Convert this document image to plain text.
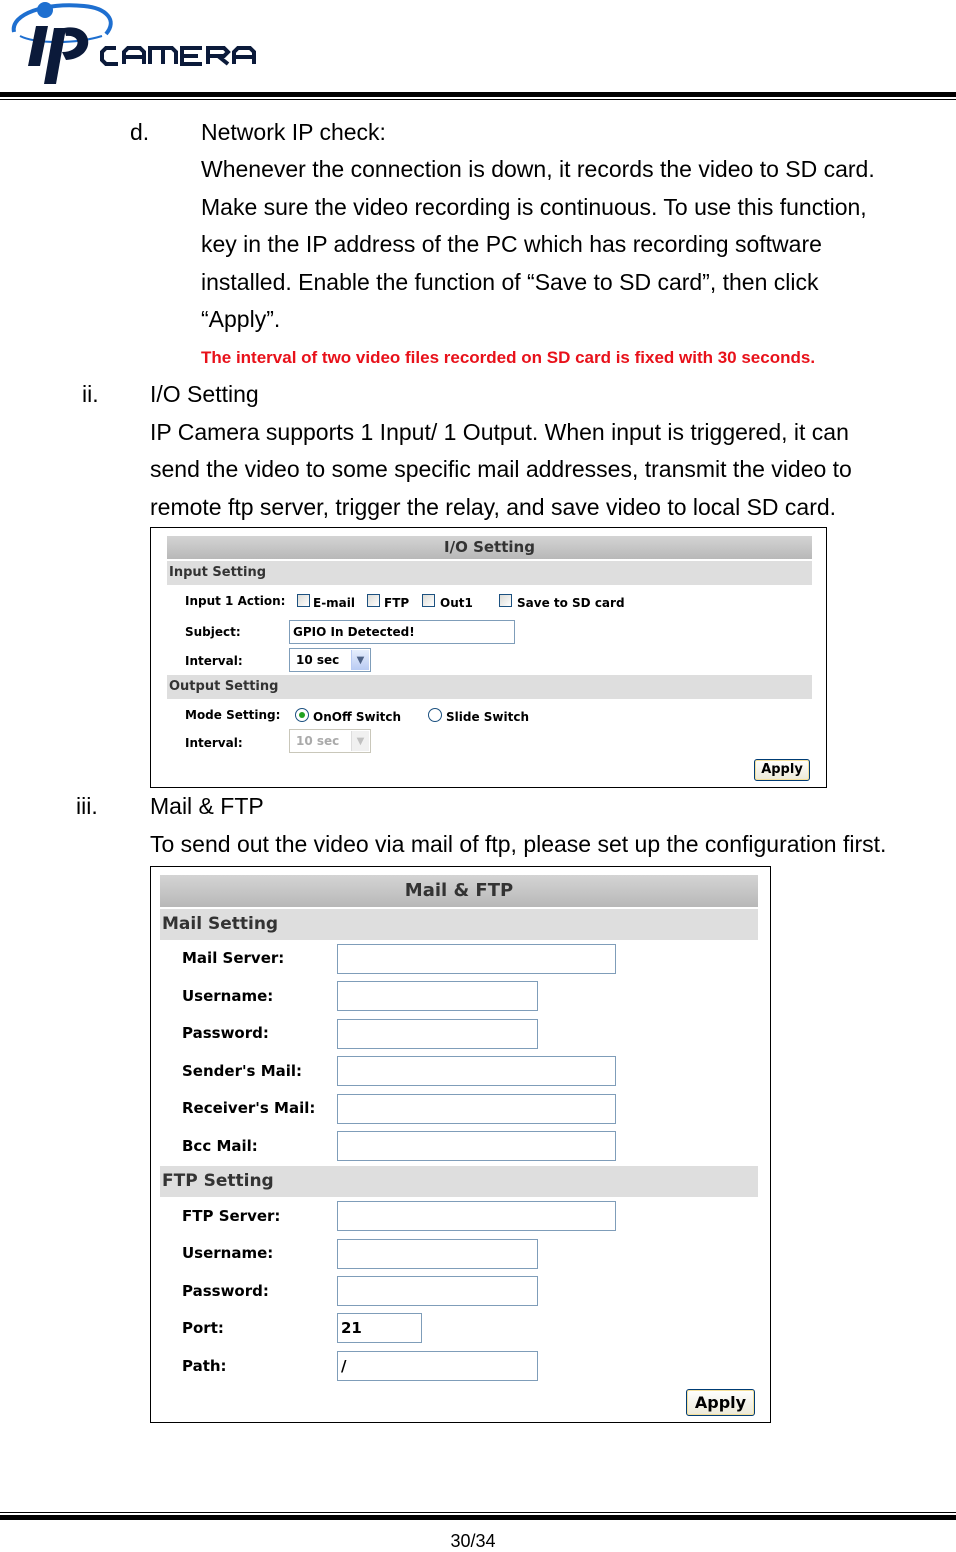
d. Network IP check:
Whenever the connection is down, it records the video to SD card.
Make sure the video recording is continuous. To use this function,
key in the IP address of the PC which has recording software
installed. Enable the function of “Save to SD card”, then click
“Apply”.
The interval of two video files recorded on SD card is fixed with 30 seconds.
ii. I/O Setting
IP Camera supports 1 Input/ 1 Output. When input is triggered, it can
send the video to some specific mail addresses, transmit the video to
remote ftp server, trigger the relay, and save video to local SD card.
I/O Setting
Input Setting
Input 1 Action: E-mail FTP	Out1	Save to SD card
Subject:	GPIO In Detected!
Interval:	10 sec	▼
Output Setting
Mode Setting:	OnOff Switch	Slide Switch
Interval:	10 sec	▼
Apply
iii. Mail & FTP
To send out the video via mail of ftp, please set up the configuration first.
Mail & FTP
Mail Setting
Mail Server:
Username:
Password:
Sender's Mail:
Receiver's Mail:
Bcc Mail:
FTP Setting
FTP Server:
Username:
Password:
Port:	21
Path:	/
Apply
30/34
